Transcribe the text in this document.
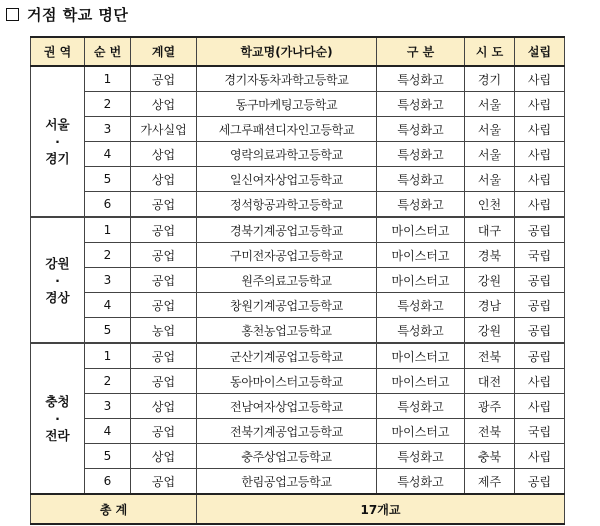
거점 학교 명단
권 역	순 번	계열	학교명(가나다순)	구 분	시 도	설립

서울
·
경기	1	공업	경기자동차과학고등학교	특성화고	경기	사립
	2	상업	동구마케팅고등학교	특성화고	서울	사립
	3	가사실업	세그루패션디자인고등학교	특성화고	서울	사립
	4	상업	영락의료과학고등학교	특성화고	서울	사립
	5	상업	일신여자상업고등학교	특성화고	서울	사립
	6	공업	정석항공과학고등학교	특성화고	인천	사립

강원
·
경상	1	공업	경북기계공업고등학교	마이스터고	대구	공립
	2	공업	구미전자공업고등학교	마이스터고	경북	국립
	3	공업	원주의료고등학교	마이스터고	강원	공립
	4	공업	창원기계공업고등학교	특성화고	경남	공립
	5	농업	홍천농업고등학교	특성화고	강원	공립

충청
·
전라	1	공업	군산기계공업고등학교	마이스터고	전북	공립
	2	공업	동아마이스터고등학교	마이스터고	대전	사립
	3	상업	전남여자상업고등학교	특성화고	광주	사립
	4	공업	전북기계공업고등학교	마이스터고	전북	국립
	5	상업	충주상업고등학교	특성화고	충북	사립
	6	공업	한림공업고등학교	특성화고	제주	공립
총 계			17개교			
